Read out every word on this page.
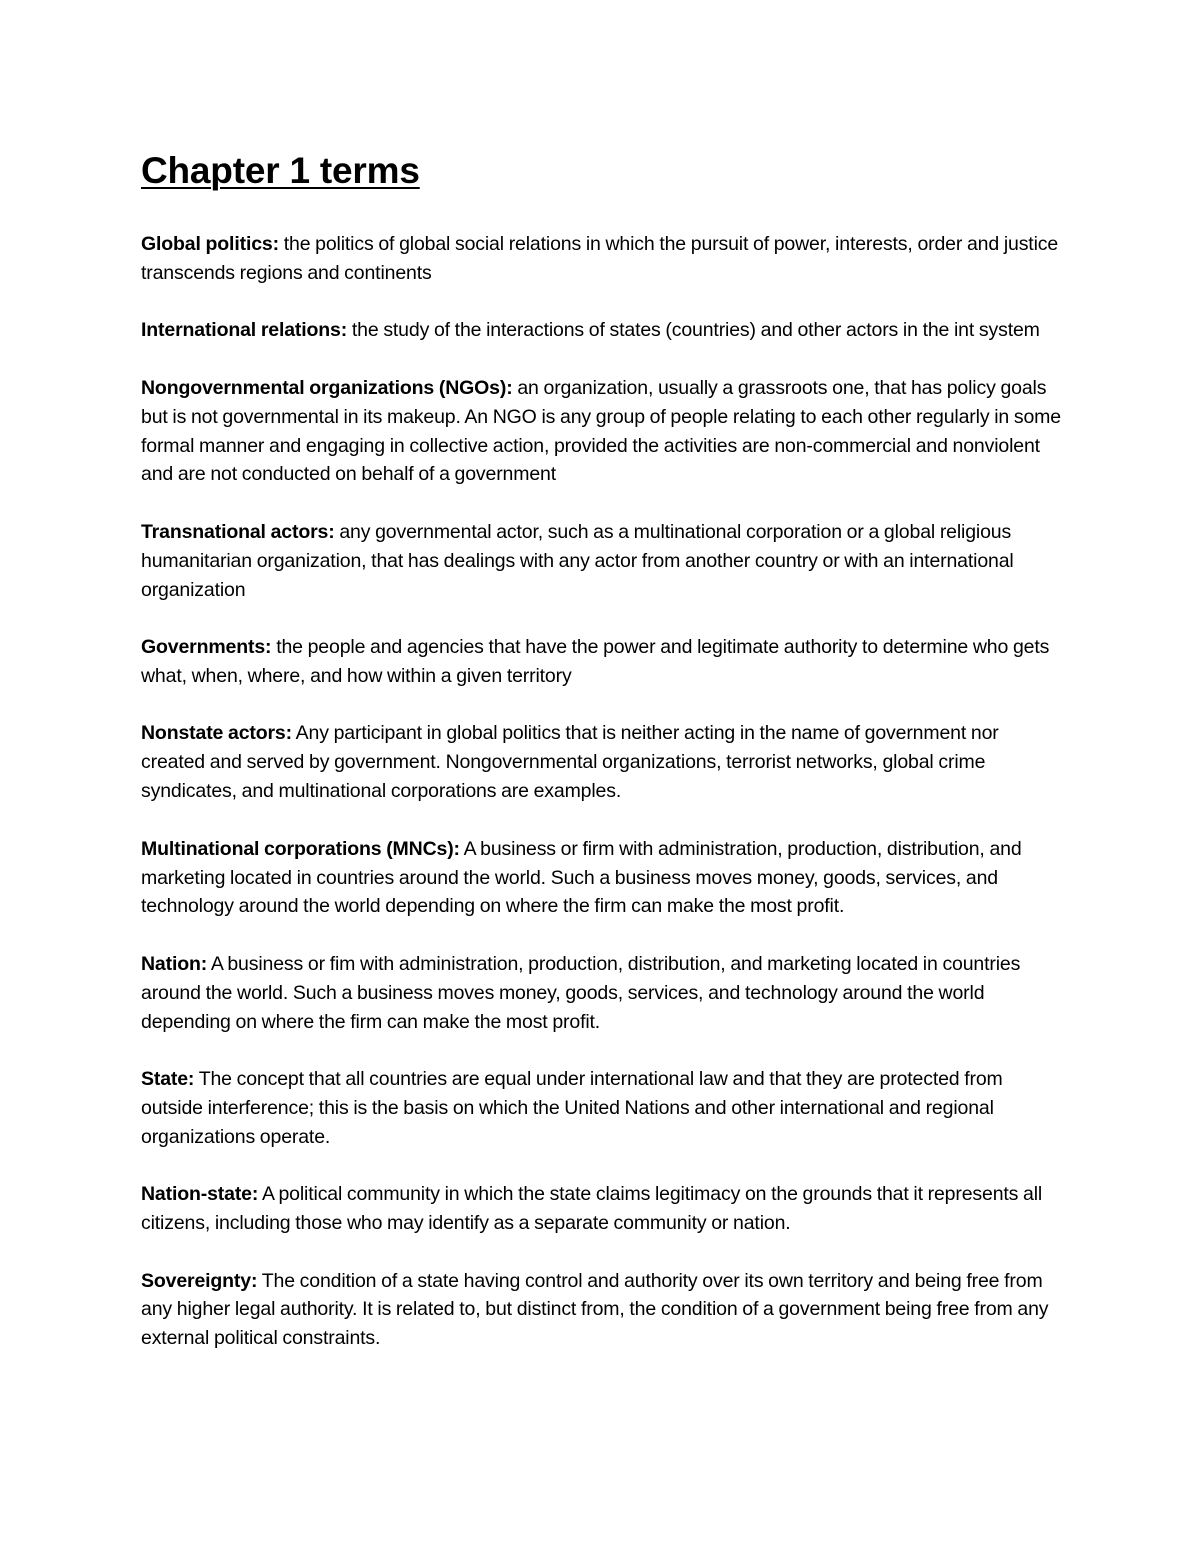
Chapter 1 terms

Global politics: the politics of global social relations in which the pursuit of power, interests, order and justice transcends regions and continents

International relations: the study of the interactions of states (countries) and other actors in the int system

Nongovernmental organizations (NGOs): an organization, usually a grassroots one, that has policy goals but is not governmental in its makeup. An NGO is any group of people relating to each other regularly in some formal manner and engaging in collective action, provided the activities are non-commercial and nonviolent and are not conducted on behalf of a government

Transnational actors: any governmental actor, such as a multinational corporation or a global religious humanitarian organization, that has dealings with any actor from another country or with an international organization

Governments: the people and agencies that have the power and legitimate authority to determine who gets what, when, where, and how within a given territory

Nonstate actors: Any participant in global politics that is neither acting in the name of government nor created and served by government. Nongovernmental organizations, terrorist networks, global crime syndicates, and multinational corporations are examples.

Multinational corporations (MNCs): A business or firm with administration, production, distribution, and marketing located in countries around the world. Such a business moves money, goods, services, and technology around the world depending on where the firm can make the most profit.

Nation: A business or fim with administration, production, distribution, and marketing located in countries around the world. Such a business moves money, goods, services, and technology around the world depending on where the firm can make the most profit.

State: The concept that all countries are equal under international law and that they are protected from outside interference; this is the basis on which the United Nations and other international and regional organizations operate.

Nation-state: A political community in which the state claims legitimacy on the grounds that it represents all citizens, including those who may identify as a separate community or nation.

Sovereignty: The condition of a state having control and authority over its own territory and being free from any higher legal authority. It is related to, but distinct from, the condition of a government being free from any external political constraints.
